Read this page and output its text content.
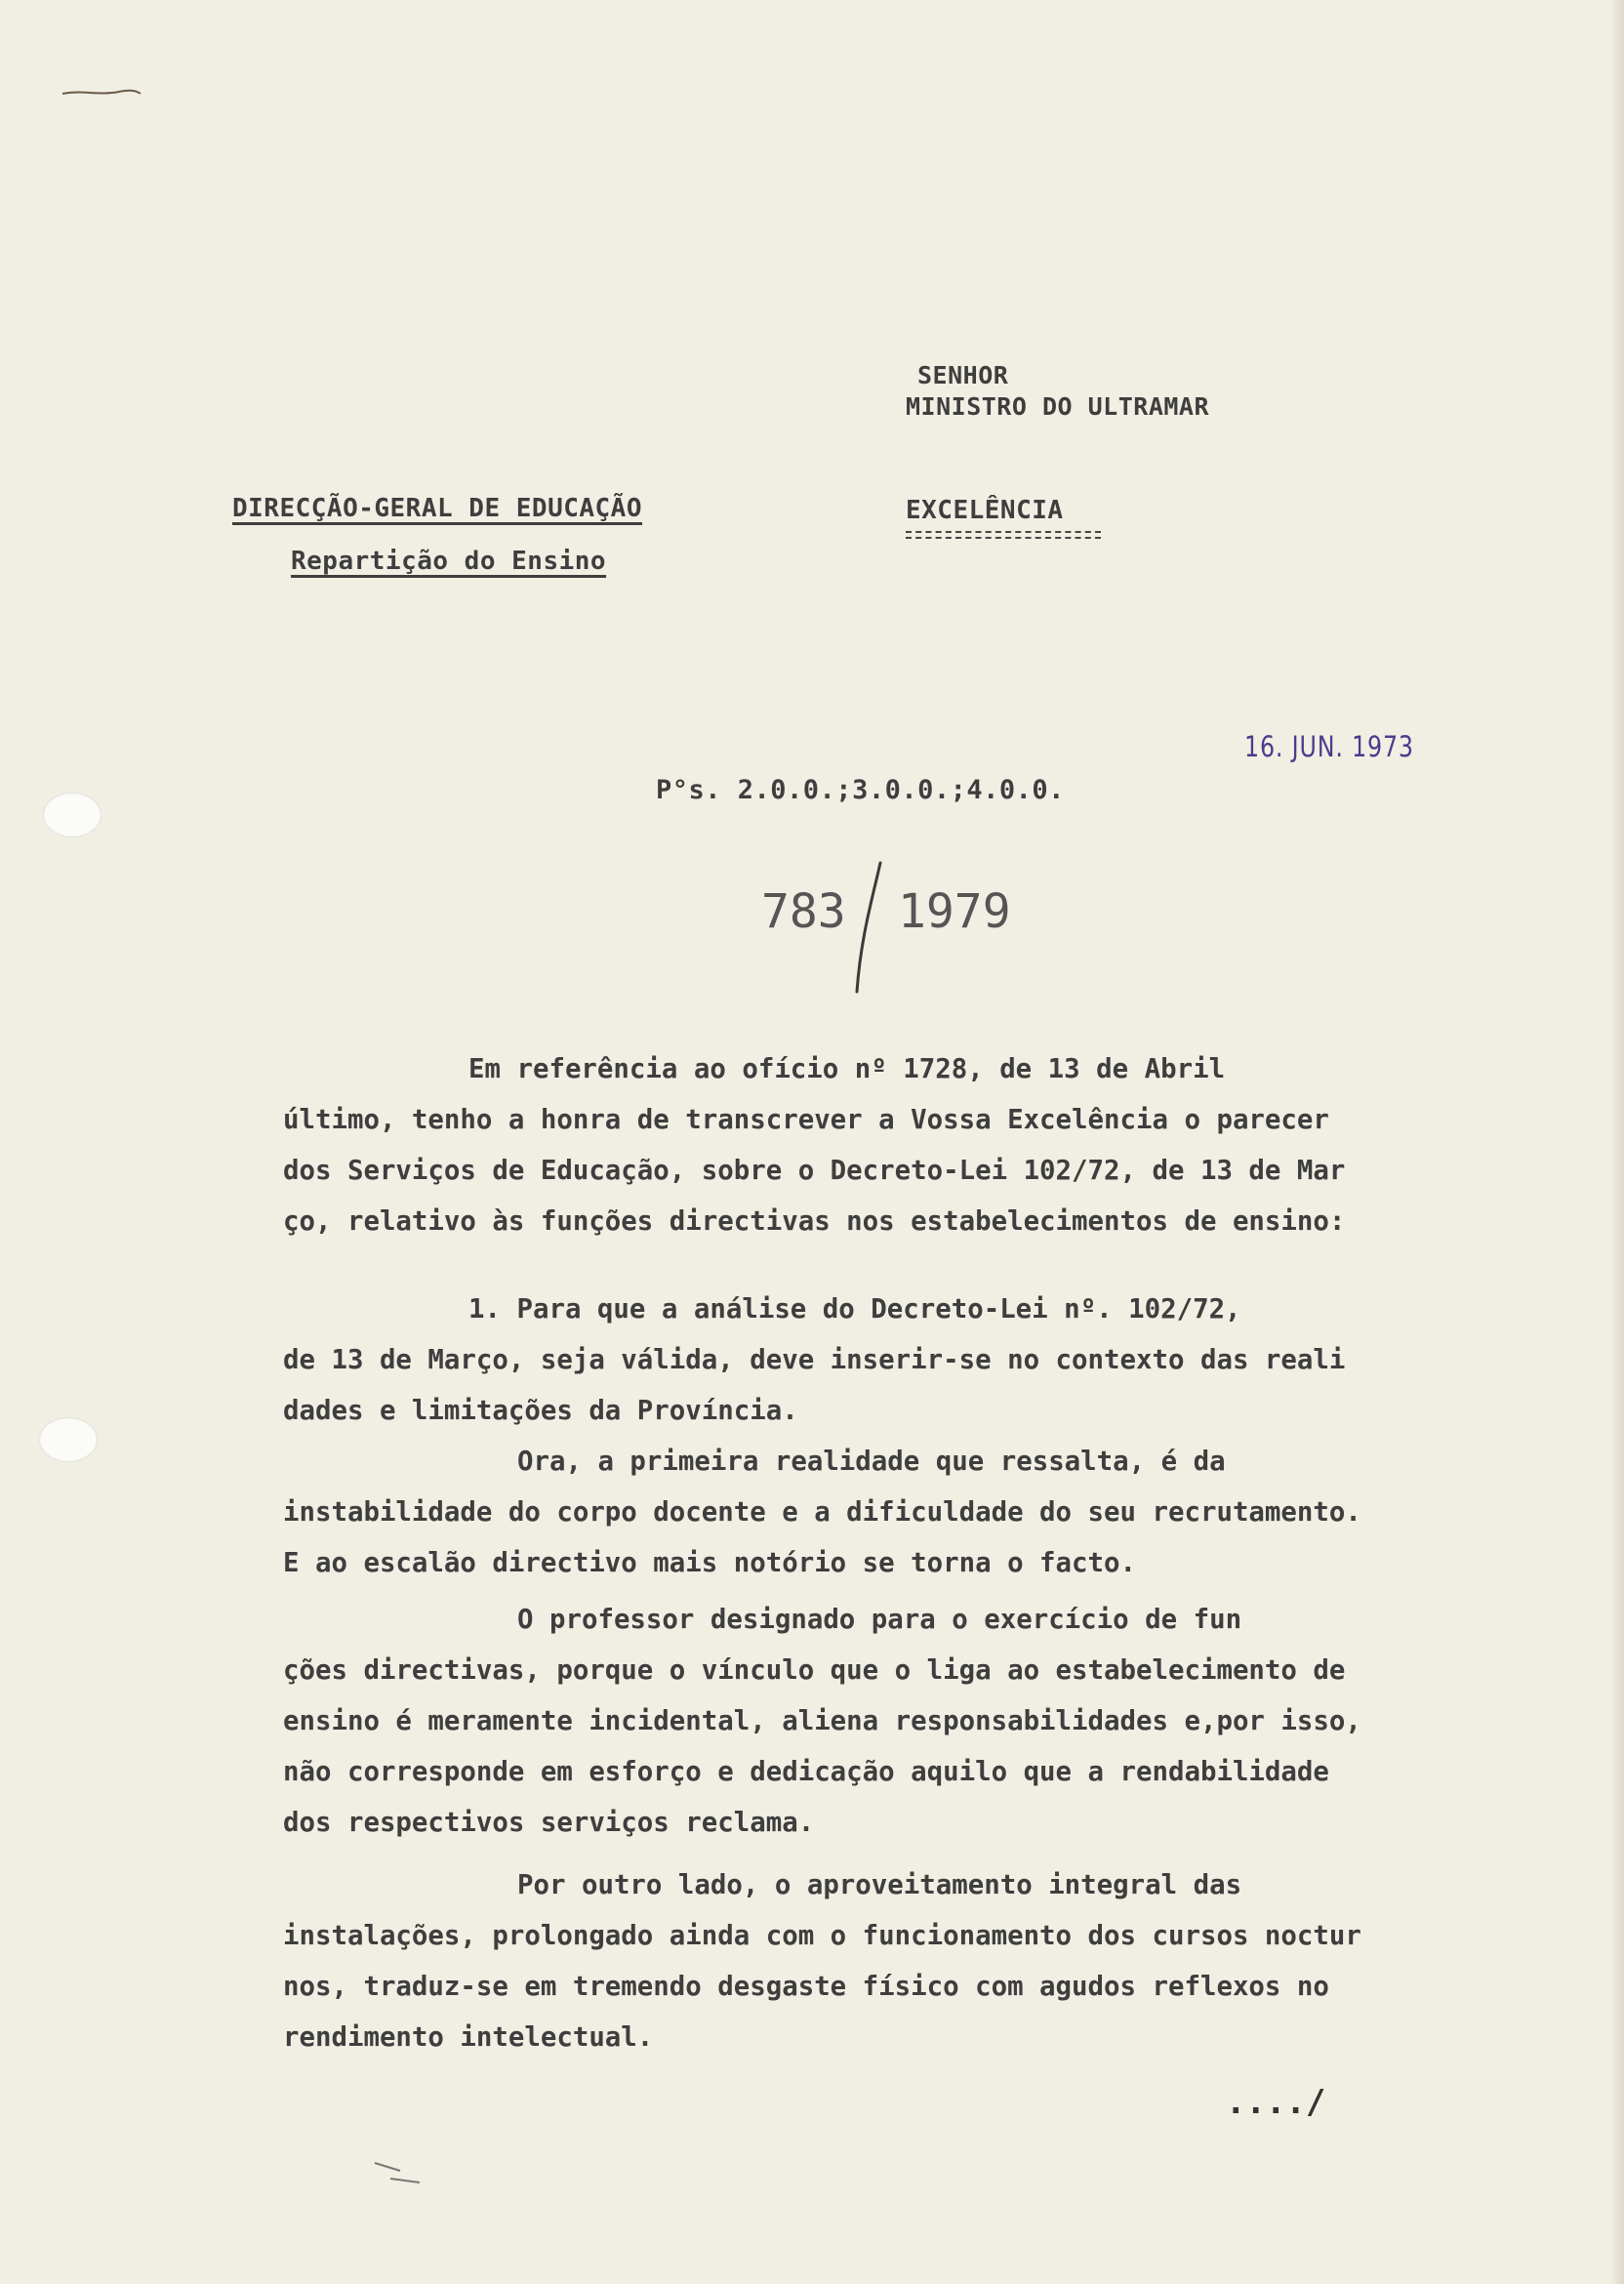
SENHOR
MINISTRO DO ULTRAMAR
DIRECÇÃO-GERAL DE EDUCAÇÃO
Repartição do Ensino
EXCELÊNCIA
16. JUN. 1973
P°s. 2.0.0.;3.0.0.;4.0.0.
783 1979
Em referência ao ofício nº 1728, de 13 de Abril
último, tenho a honra de transcrever a Vossa Excelência o parecer
dos Serviços de Educação, sobre o Decreto-Lei 102/72, de 13 de Mar
ço, relativo às funções directivas nos estabelecimentos de ensino:
1. Para que a análise do Decreto-Lei nº. 102/72,
de 13 de Março, seja válida, deve inserir-se no contexto das reali
dades e limitações da Província.
Ora, a primeira realidade que ressalta, é da
instabilidade do corpo docente e a dificuldade do seu recrutamento.
E ao escalão directivo mais notório se torna o facto.
O professor designado para o exercício de fun
ções directivas, porque o vínculo que o liga ao estabelecimento de
ensino é meramente incidental, aliena responsabilidades e,por isso,
não corresponde em esforço e dedicação aquilo que a rendabilidade
dos respectivos serviços reclama.
Por outro lado, o aproveitamento integral das
instalações, prolongado ainda com o funcionamento dos cursos noctur
nos, traduz-se em tremendo desgaste físico com agudos reflexos no
rendimento intelectual.
..../
